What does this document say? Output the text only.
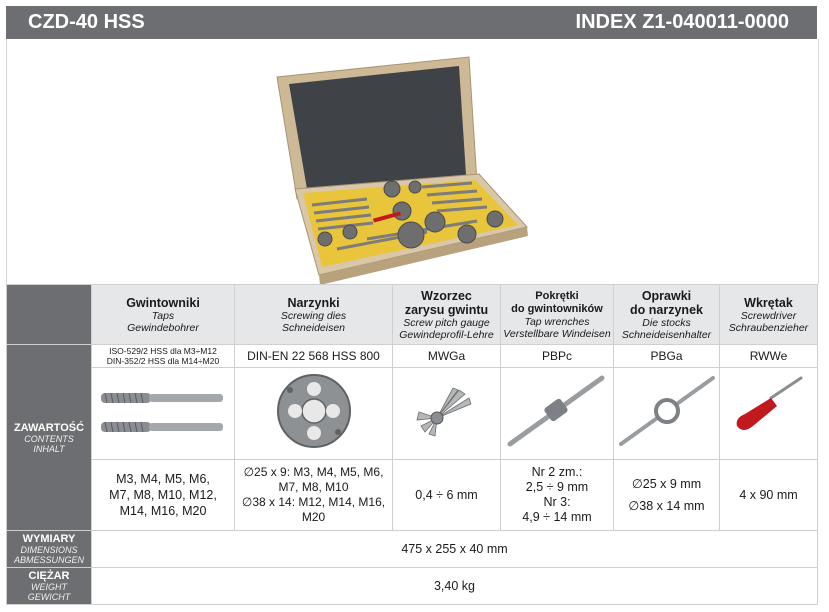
CZD-40 HSS	INDEX Z1-040011-0000

	Gwintowniki
Taps
Gewindebohrer	Narzynki
Screwing dies
Schneideisen	Wzorzec
zarysu gwintu
Screw pitch gauge
Gewindeprofil-Lehre	Pokrętki
do gwintowników
Tap wrenches
Verstellbare Windeisen	Oprawki
do narzynek
Die stocks
Schneideisenhalter	Wkrętak
Screwdriver
Schraubenzieher

ZAWARTOŚĆ
CONTENTS
INHALT	ISO-529/2 HSS dla M3÷M12
DIN-352/2 HSS dla M14÷M20	DIN-EN 22 568 HSS 800	MWGa	PBPc	PBGa	RWWe

	M3, M4, M5, M6,
M7, M8, M10, M12,
M14, M16, M20	∅25 x 9: M3, M4, M5, M6,
M7, M8, M10
∅38 x 14: M12, M14, M16,
M20	0,4 ÷ 6 mm	Nr 2 zm.:
2,5 ÷ 9 mm
Nr 3:
4,9 ÷ 14 mm	∅25 x 9 mm
∅38 x 14 mm	4 x 90 mm

WYMIARY
DIMENSIONS
ABMESSUNGEN	475 x 255 x 40 mm					
CIĘŻAR
WEIGHT
GEWICHT	3,40 kg					
